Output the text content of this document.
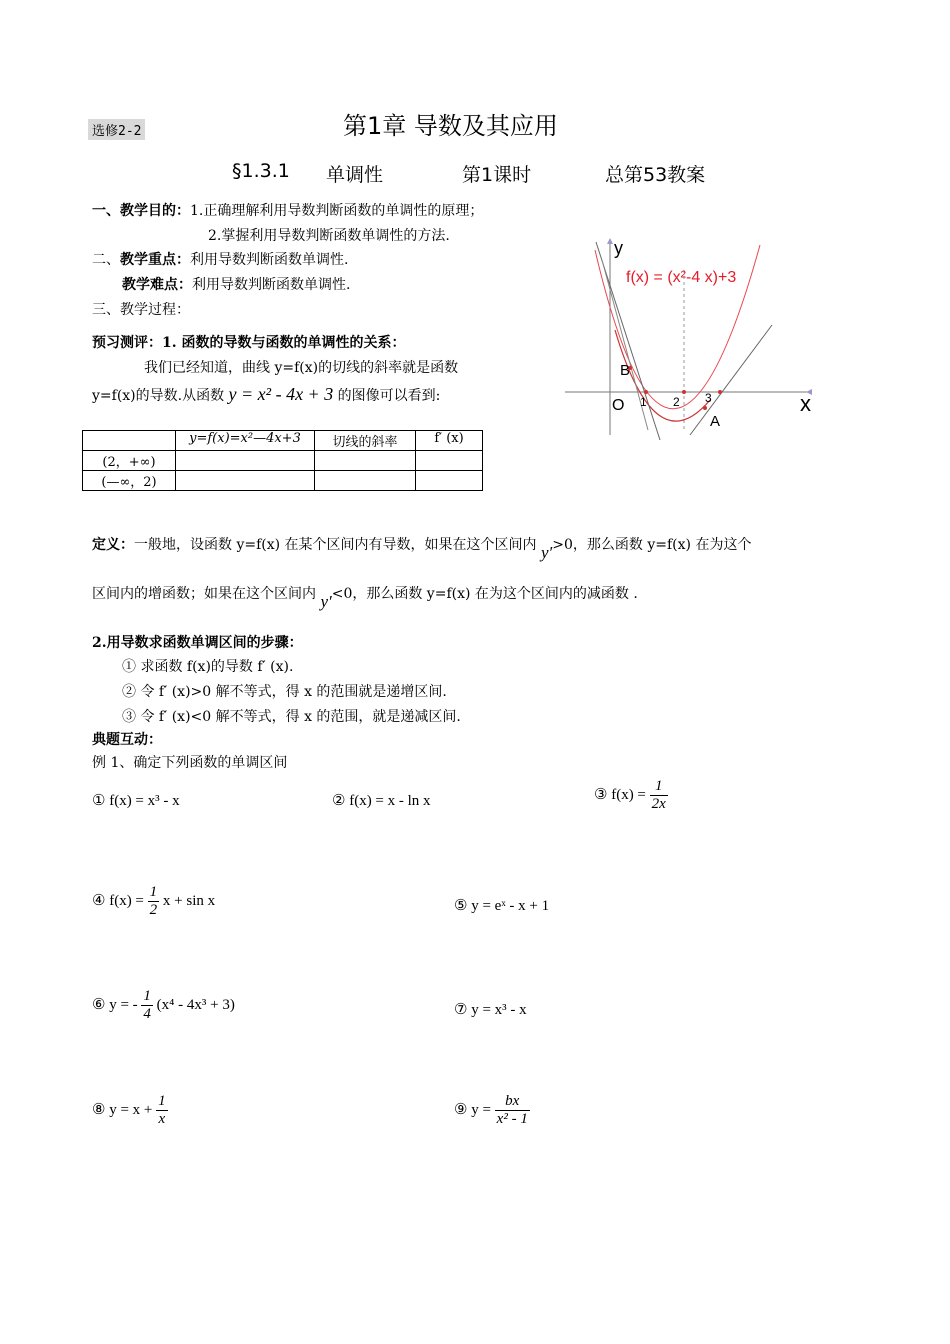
选修2-2	第1章 导数及其应用
§1.3.1 单调性	第1课时	总第53教案
一、教学目的：1.正确理解利用导数判断函数的单调性的原理；
2.掌握利用导数判断函数单调性的方法.
二、教学重点：利用导数判断函数单调性.
教学难点：利用导数判断函数单调性.
三、教学过程：
预习测评：1. 函数的导数与函数的单调性的关系：
我们已经知道，曲线 y=f(x)的切线的斜率就是函数
y=f(x)的导数.从函数 y = x² - 4x + 3 的图像可以看到:
	y=f(x)=x²—4x+3	切线的斜率	f′ (x)
(2，+∞)			
(—∞，2)			
y
x
O 1 2 3
A
B
f(x) = (x²-4 x)+3
定义：一般地，设函数 y=f(x) 在某个区间内有导数，如果在这个区间内 y′>0，那么函数 y=f(x) 在为这个
区间内的增函数；如果在这个区间内 y′<0，那么函数 y=f(x) 在为这个区间内的减函数 .
2.用导数求函数单调区间的步骤：
① 求函数 f(x)的导数 f′ (x).
② 令 f′ (x)>0 解不等式，得 x 的范围就是递增区间.
③ 令 f′ (x)<0 解不等式，得 x 的范围，就是递减区间.
典题互动：
例 1、确定下列函数的单调区间
① f(x) = x³ - x	② f(x) = x - ln x	③ $f(x) = \frac{1}{2x}$
④ $f(x) = \frac{1}{2}$ x + sin x	⑤ y = eˣ - x + 1
⑥ y = - $\frac{1}{4} (x^4 - 4x^3 + 3)$	⑦ y = x³ - x
⑧ $y = x + \frac{1}{x}$	⑨ $y = \frac{bx}{\text{x² - 1}}$
